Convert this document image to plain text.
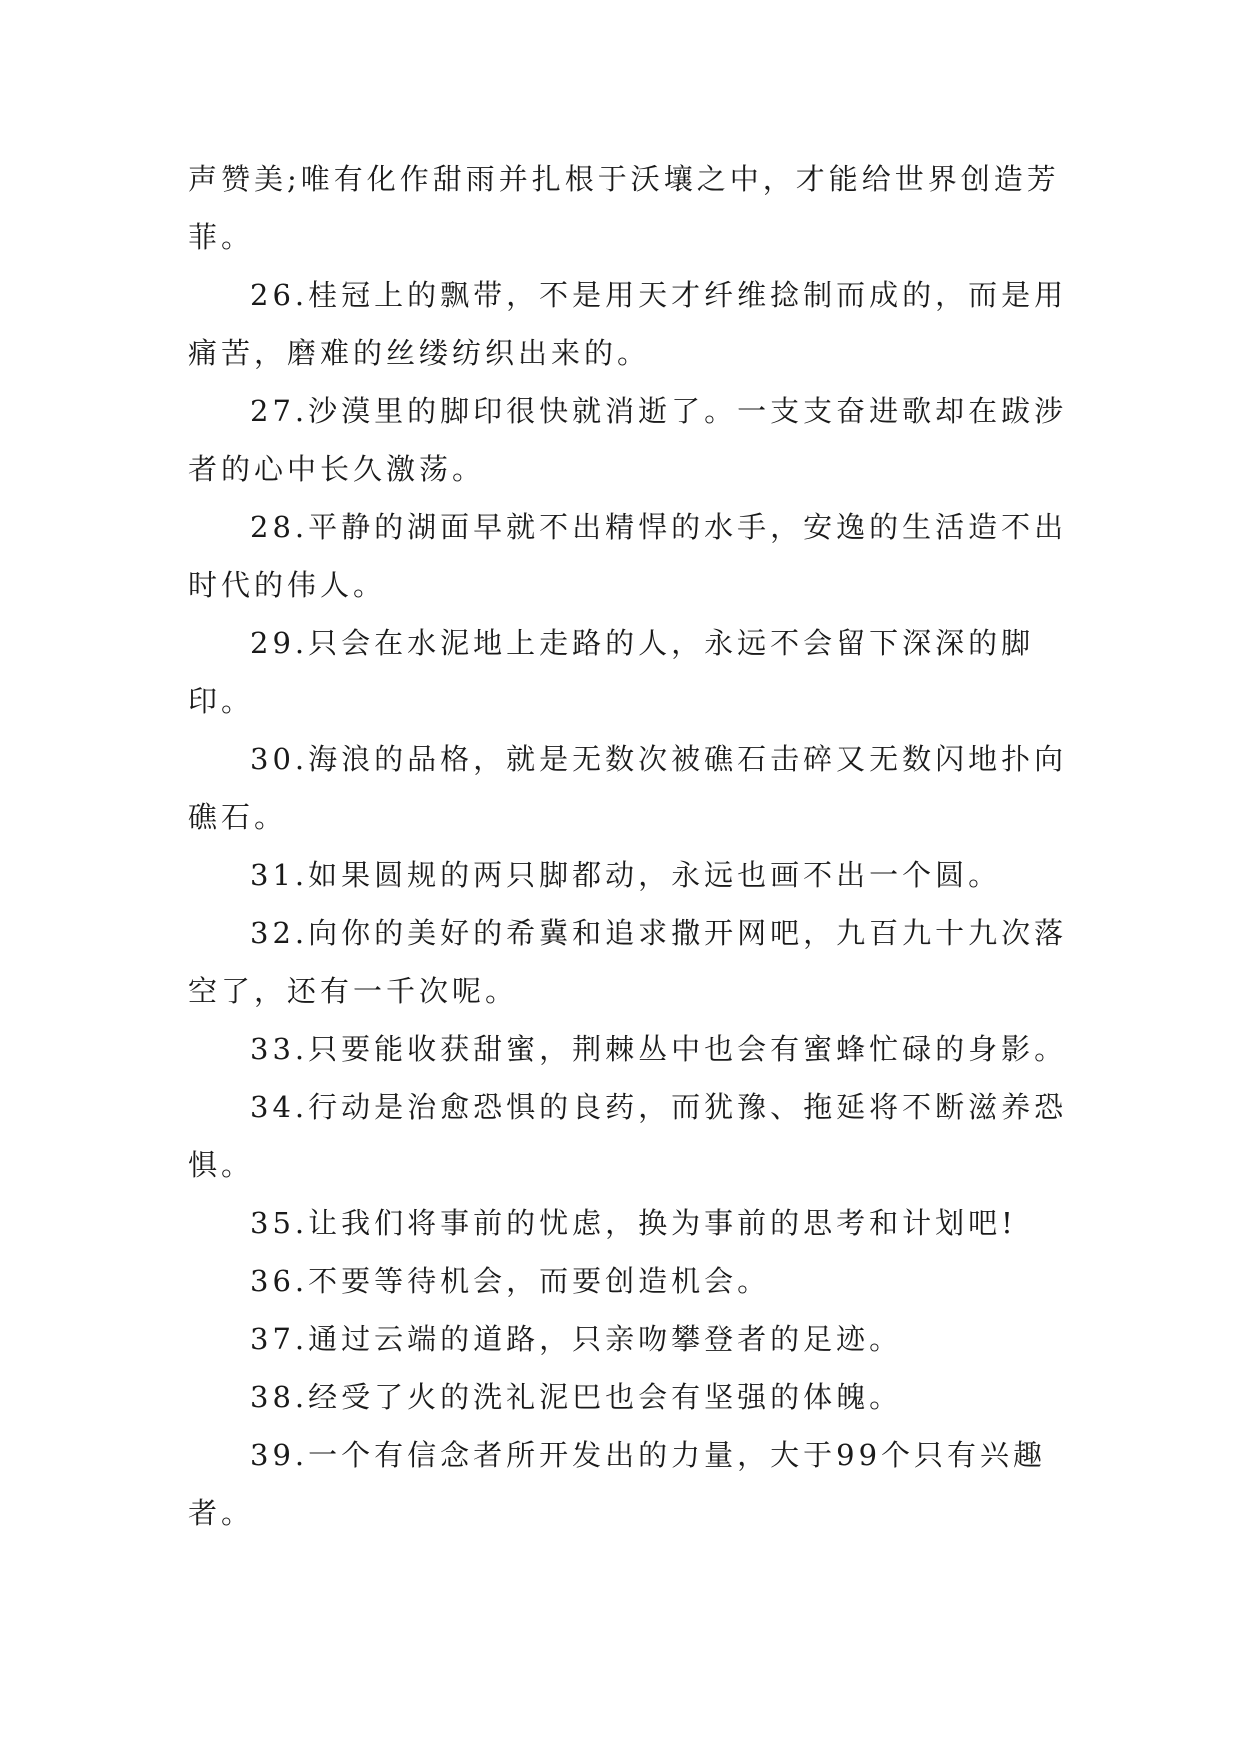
声赞美;唯有化作甜雨并扎根于沃壤之中，才能给世界创造芳菲。

26.桂冠上的飘带，不是用天才纤维捻制而成的，而是用痛苦，磨难的丝缕纺织出来的。

27.沙漠里的脚印很快就消逝了。一支支奋进歌却在跋涉者的心中长久激荡。

28.平静的湖面早就不出精悍的水手，安逸的生活造不出时代的伟人。

29.只会在水泥地上走路的人，永远不会留下深深的脚印。

30.海浪的品格，就是无数次被礁石击碎又无数闪地扑向礁石。

31.如果圆规的两只脚都动，永远也画不出一个圆。

32.向你的美好的希冀和追求撒开网吧，九百九十九次落空了，还有一千次呢。

33.只要能收获甜蜜，荆棘丛中也会有蜜蜂忙碌的身影。

34.行动是治愈恐惧的良药，而犹豫、拖延将不断滋养恐惧。

35.让我们将事前的忧虑，换为事前的思考和计划吧!

36.不要等待机会，而要创造机会。

37.通过云端的道路，只亲吻攀登者的足迹。

38.经受了火的洗礼泥巴也会有坚强的体魄。

39.一个有信念者所开发出的力量，大于99个只有兴趣者。
